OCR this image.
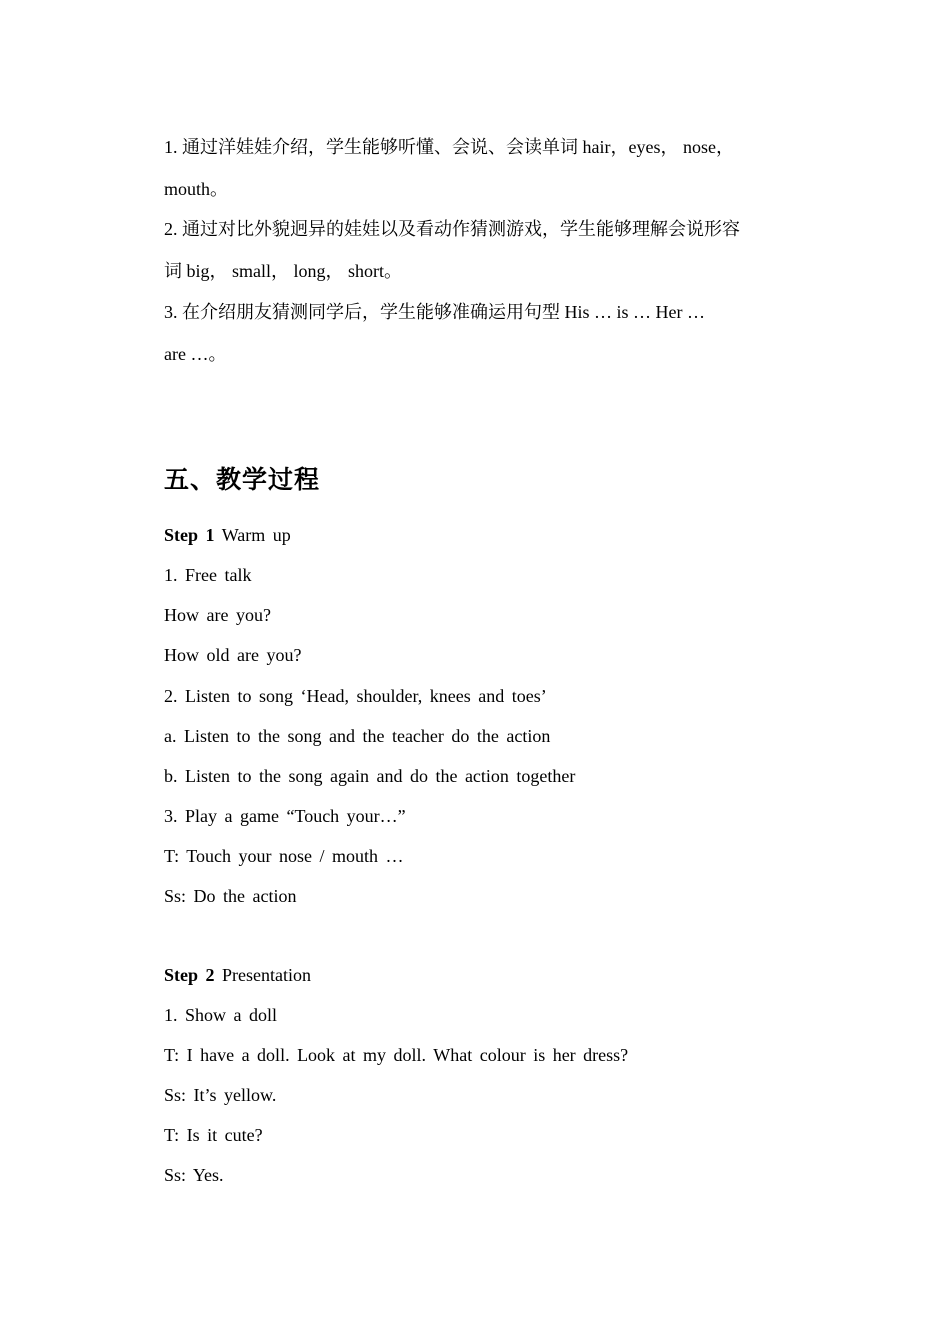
1. 通过洋娃娃介绍，学生能够听懂、会说、会读单词 hair，eyes， nose，

mouth。

2. 通过对比外貌迥异的娃娃以及看动作猜测游戏，学生能够理解会说形容

词 big， small， long， short。

3. 在介绍朋友猜测同学后，学生能够准确运用句型 His … is … Her …

are …。

五、教学过程
Step 1 Warm up
1. Free talk
How are you?
How old are you?
2. Listen to song ‘Head, shoulder, knees and toes’
a. Listen to the song and the teacher do the action
b. Listen to the song again and do the action together
3. Play a game “Touch your…”
T: Touch your nose / mouth …
Ss: Do the action
Step 2 Presentation
1. Show a doll
T: I have a doll. Look at my doll. What colour is her dress?
Ss: It’s yellow.
T: Is it cute?
Ss: Yes.
